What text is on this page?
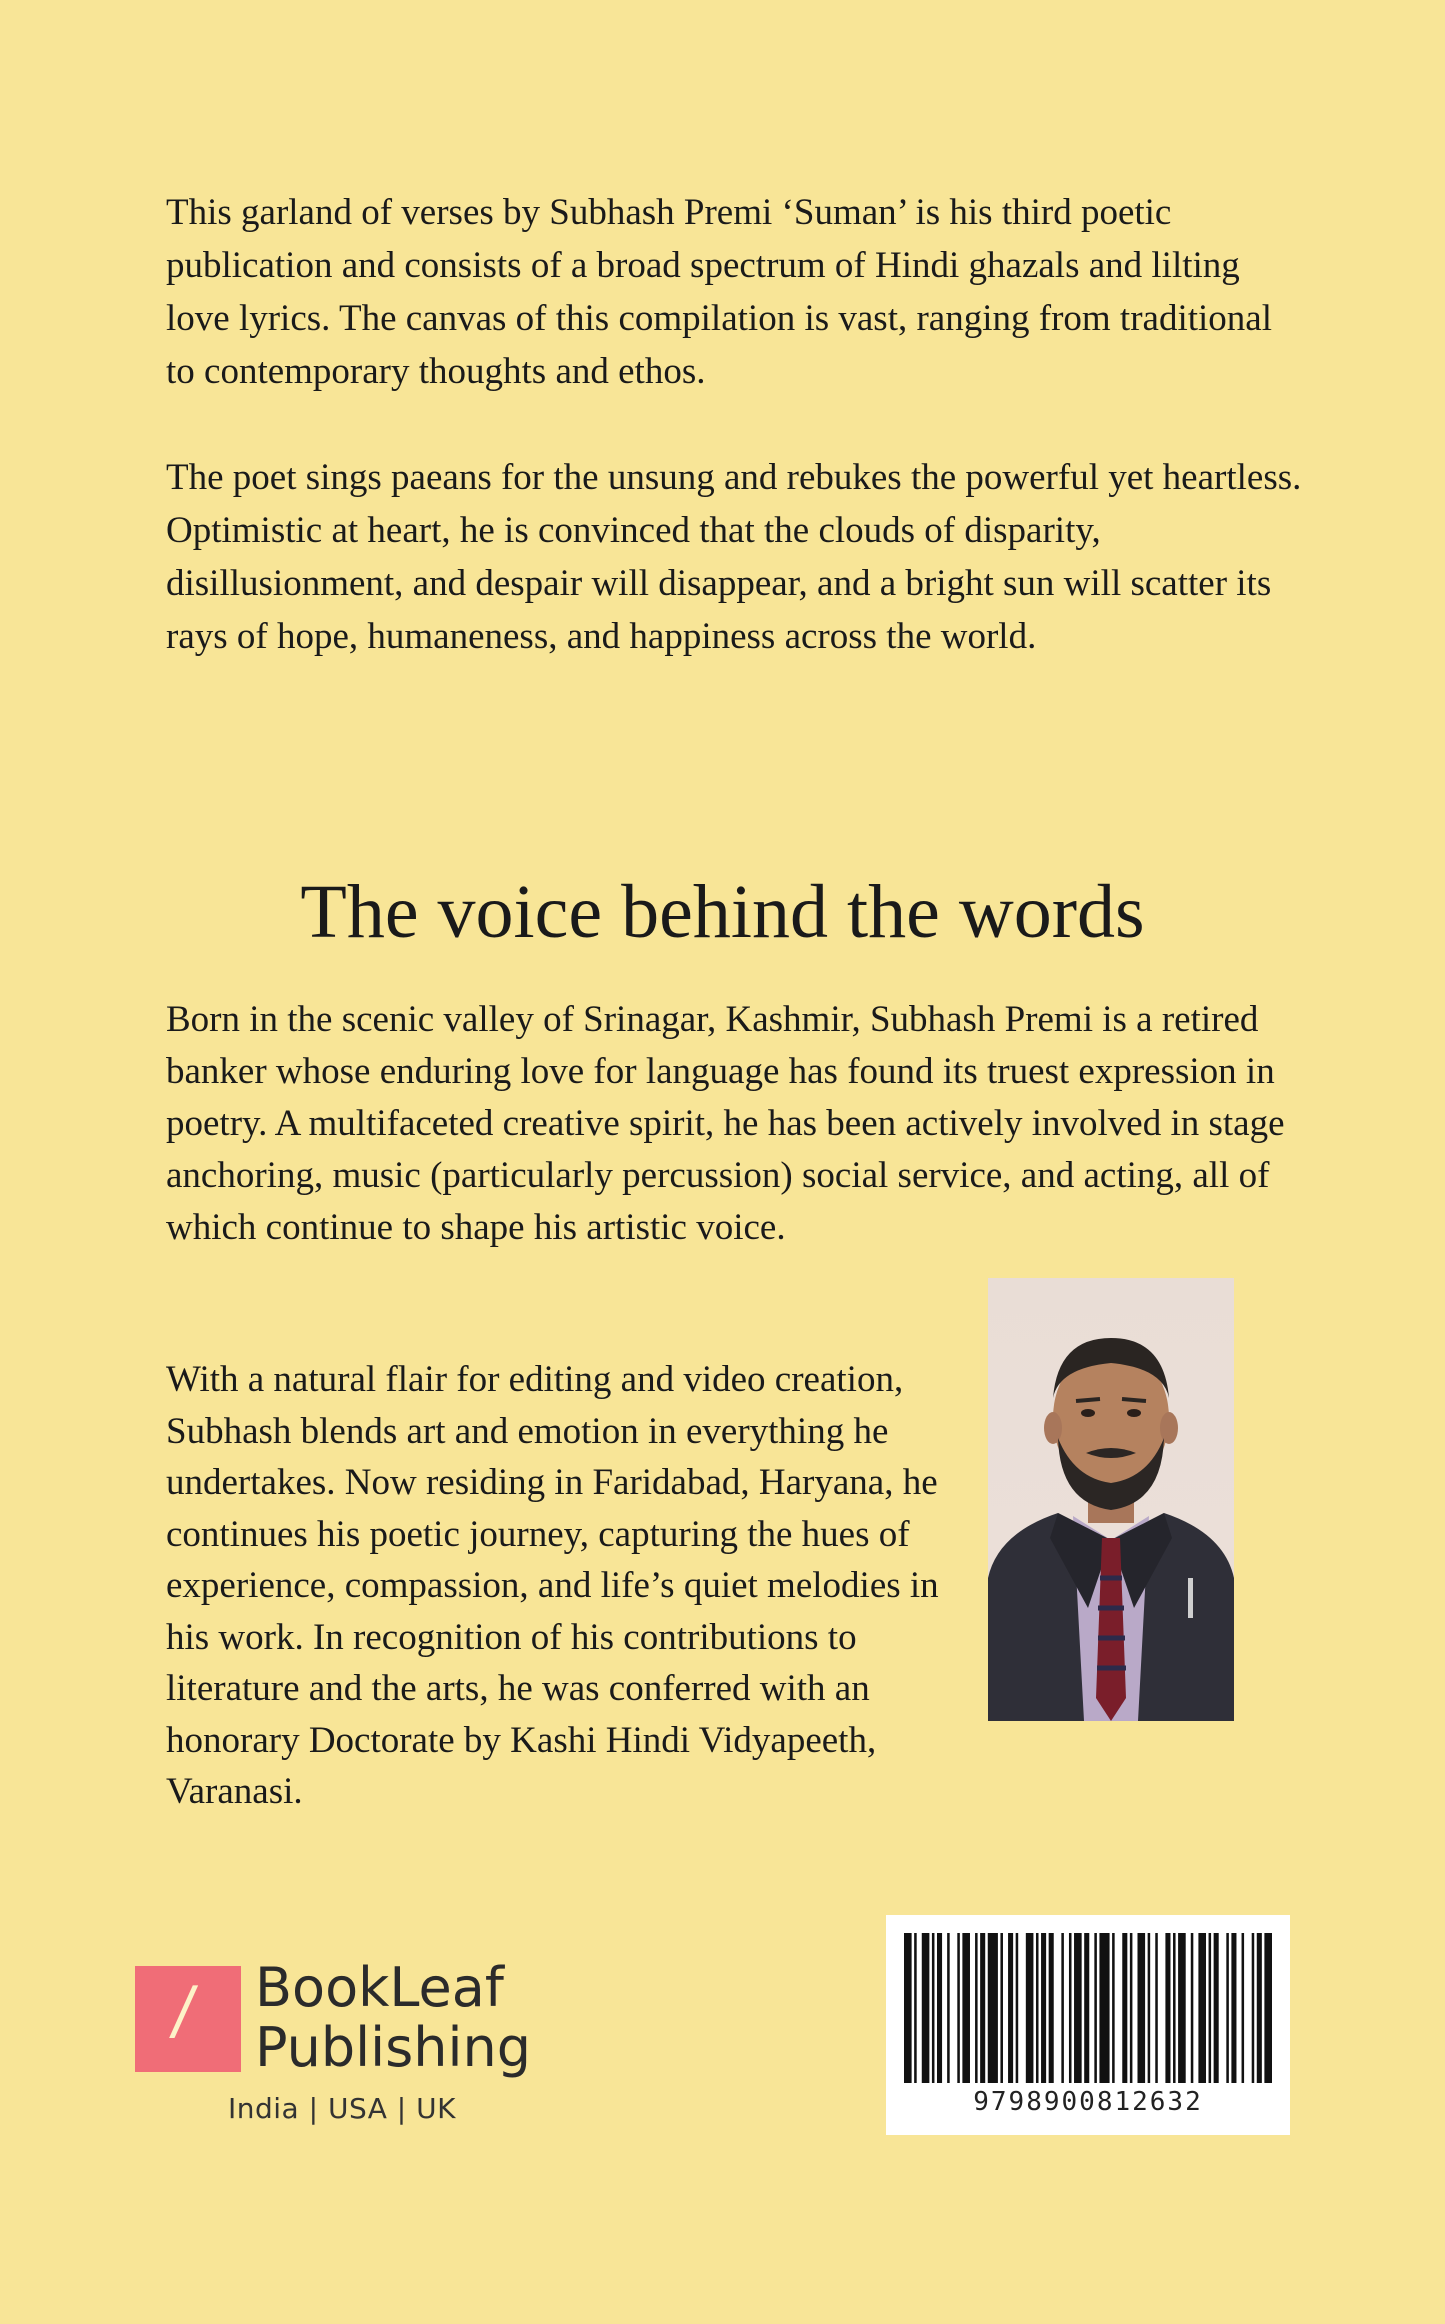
This garland of verses by Subhash Premi ‘Suman’ is his third poetic publication and consists of a broad spectrum of Hindi ghazals and lilting love lyrics. The canvas of this compilation is vast, ranging from traditional to contemporary thoughts and ethos.

The poet sings paeans for the unsung and rebukes the powerful yet heartless. Optimistic at heart, he is convinced that the clouds of disparity, disillusionment, and despair will disappear, and a bright sun will scatter its rays of hope, humaneness, and happiness across the world.

The voice behind the words

Born in the scenic valley of Srinagar, Kashmir, Subhash Premi is a retired banker whose enduring love for language has found its truest expression in poetry. A multifaceted creative spirit, he has been actively involved in stage anchoring, music (particularly percussion) social service, and acting, all of which continue to shape his artistic voice.

With a natural flair for editing and video creation, Subhash blends art and emotion in everything he undertakes. Now residing in Faridabad, Haryana, he continues his poetic journey, capturing the hues of experience, compassion, and life’s quiet melodies in his work. In recognition of his contributions to literature and the arts, he was conferred with an honorary Doctorate by Kashi Hindi Vidyapeeth, Varanasi.

/ BookLeaf
Publishing
India | USA | UK	9798900812632
